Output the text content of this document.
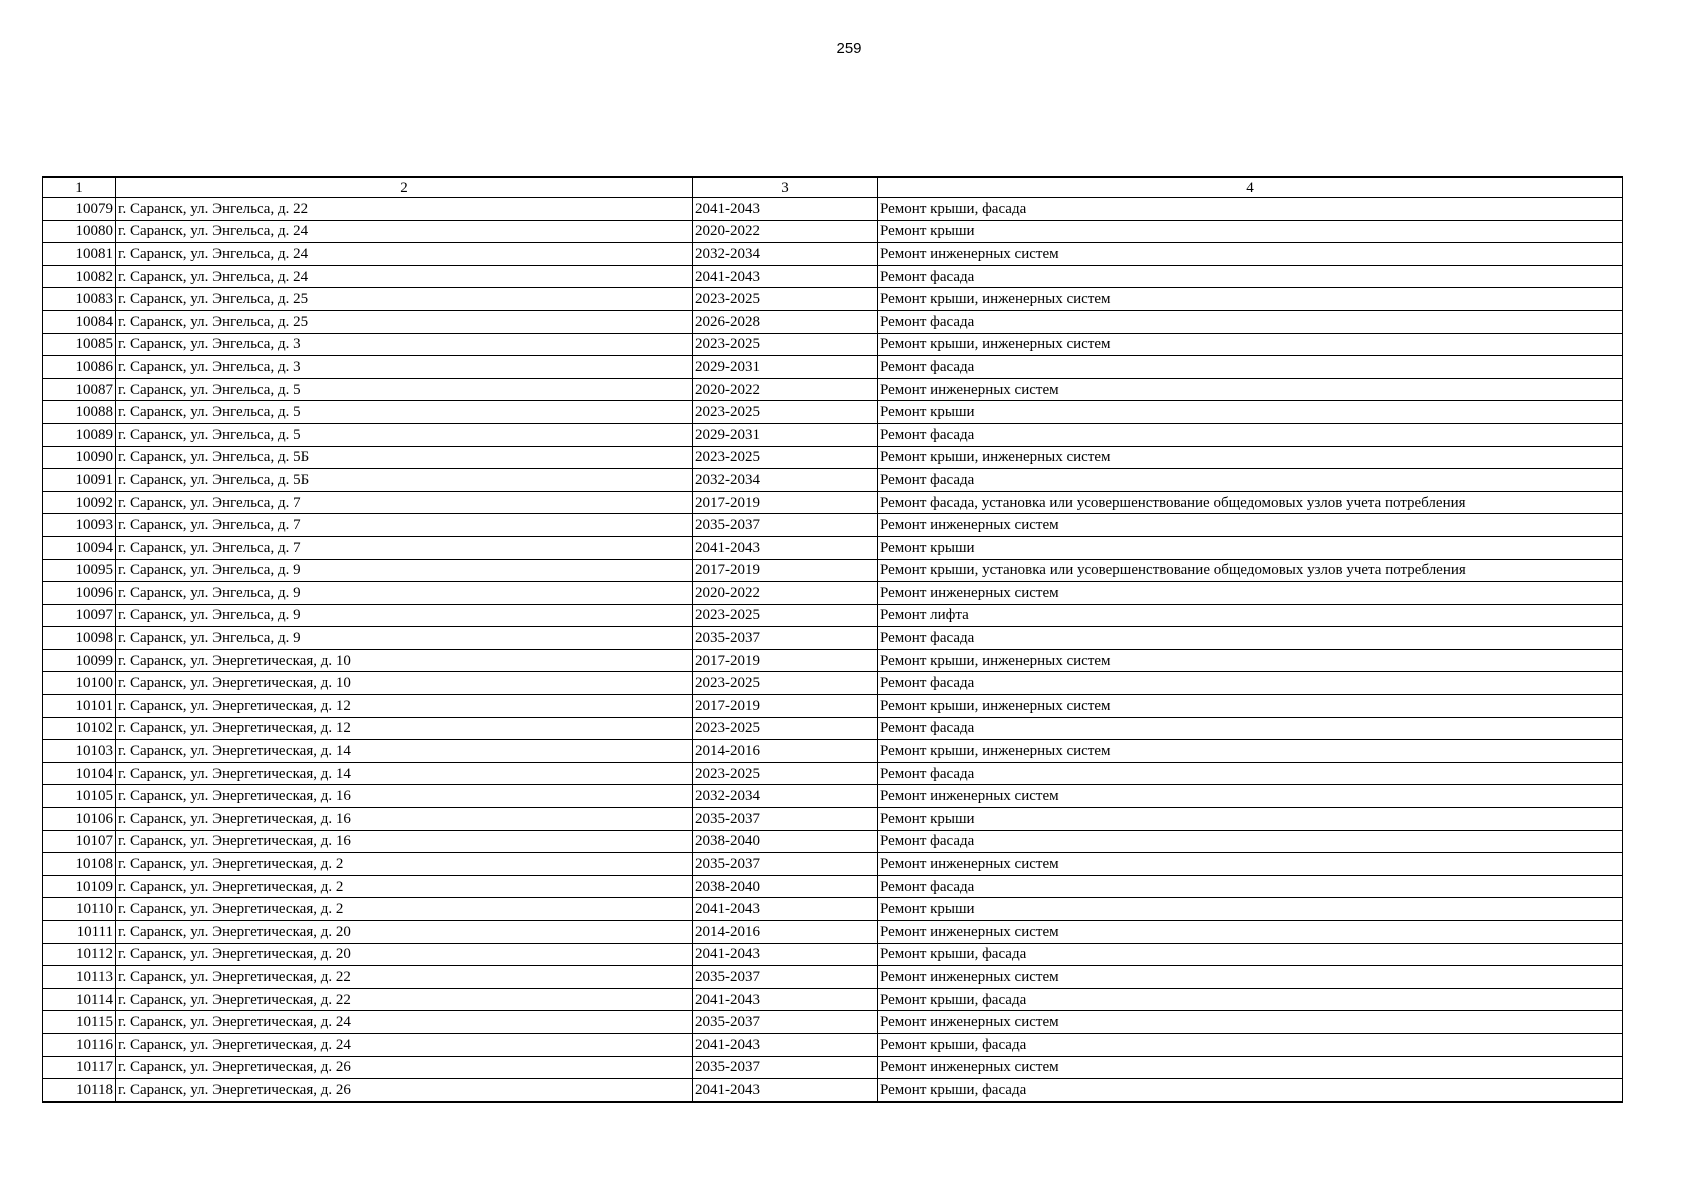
259
1	2	3	4
10079	г. Саранск, ул. Энгельса, д. 22	2041-2043	Ремонт крыши, фасада
10080	г. Саранск, ул. Энгельса, д. 24	2020-2022	Ремонт крыши
10081	г. Саранск, ул. Энгельса, д. 24	2032-2034	Ремонт инженерных систем
10082	г. Саранск, ул. Энгельса, д. 24	2041-2043	Ремонт фасада
10083	г. Саранск, ул. Энгельса, д. 25	2023-2025	Ремонт крыши, инженерных систем
10084	г. Саранск, ул. Энгельса, д. 25	2026-2028	Ремонт фасада
10085	г. Саранск, ул. Энгельса, д. 3	2023-2025	Ремонт крыши, инженерных систем
10086	г. Саранск, ул. Энгельса, д. 3	2029-2031	Ремонт фасада
10087	г. Саранск, ул. Энгельса, д. 5	2020-2022	Ремонт инженерных систем
10088	г. Саранск, ул. Энгельса, д. 5	2023-2025	Ремонт крыши
10089	г. Саранск, ул. Энгельса, д. 5	2029-2031	Ремонт фасада
10090	г. Саранск, ул. Энгельса, д. 5Б	2023-2025	Ремонт крыши, инженерных систем
10091	г. Саранск, ул. Энгельса, д. 5Б	2032-2034	Ремонт фасада
10092	г. Саранск, ул. Энгельса, д. 7	2017-2019	Ремонт фасада, установка или усовершенствование общедомовых узлов учета потребления
10093	г. Саранск, ул. Энгельса, д. 7	2035-2037	Ремонт инженерных систем
10094	г. Саранск, ул. Энгельса, д. 7	2041-2043	Ремонт крыши
10095	г. Саранск, ул. Энгельса, д. 9	2017-2019	Ремонт крыши, установка или усовершенствование общедомовых узлов учета потребления
10096	г. Саранск, ул. Энгельса, д. 9	2020-2022	Ремонт инженерных систем
10097	г. Саранск, ул. Энгельса, д. 9	2023-2025	Ремонт лифта
10098	г. Саранск, ул. Энгельса, д. 9	2035-2037	Ремонт фасада
10099	г. Саранск, ул. Энергетическая, д. 10	2017-2019	Ремонт крыши, инженерных систем
10100	г. Саранск, ул. Энергетическая, д. 10	2023-2025	Ремонт фасада
10101	г. Саранск, ул. Энергетическая, д. 12	2017-2019	Ремонт крыши, инженерных систем
10102	г. Саранск, ул. Энергетическая, д. 12	2023-2025	Ремонт фасада
10103	г. Саранск, ул. Энергетическая, д. 14	2014-2016	Ремонт крыши, инженерных систем
10104	г. Саранск, ул. Энергетическая, д. 14	2023-2025	Ремонт фасада
10105	г. Саранск, ул. Энергетическая, д. 16	2032-2034	Ремонт инженерных систем
10106	г. Саранск, ул. Энергетическая, д. 16	2035-2037	Ремонт крыши
10107	г. Саранск, ул. Энергетическая, д. 16	2038-2040	Ремонт фасада
10108	г. Саранск, ул. Энергетическая, д. 2	2035-2037	Ремонт инженерных систем
10109	г. Саранск, ул. Энергетическая, д. 2	2038-2040	Ремонт фасада
10110	г. Саранск, ул. Энергетическая, д. 2	2041-2043	Ремонт крыши
10111	г. Саранск, ул. Энергетическая, д. 20	2014-2016	Ремонт инженерных систем
10112	г. Саранск, ул. Энергетическая, д. 20	2041-2043	Ремонт крыши, фасада
10113	г. Саранск, ул. Энергетическая, д. 22	2035-2037	Ремонт инженерных систем
10114	г. Саранск, ул. Энергетическая, д. 22	2041-2043	Ремонт крыши, фасада
10115	г. Саранск, ул. Энергетическая, д. 24	2035-2037	Ремонт инженерных систем
10116	г. Саранск, ул. Энергетическая, д. 24	2041-2043	Ремонт крыши, фасада
10117	г. Саранск, ул. Энергетическая, д. 26	2035-2037	Ремонт инженерных систем
10118	г. Саранск, ул. Энергетическая, д. 26	2041-2043	Ремонт крыши, фасада
